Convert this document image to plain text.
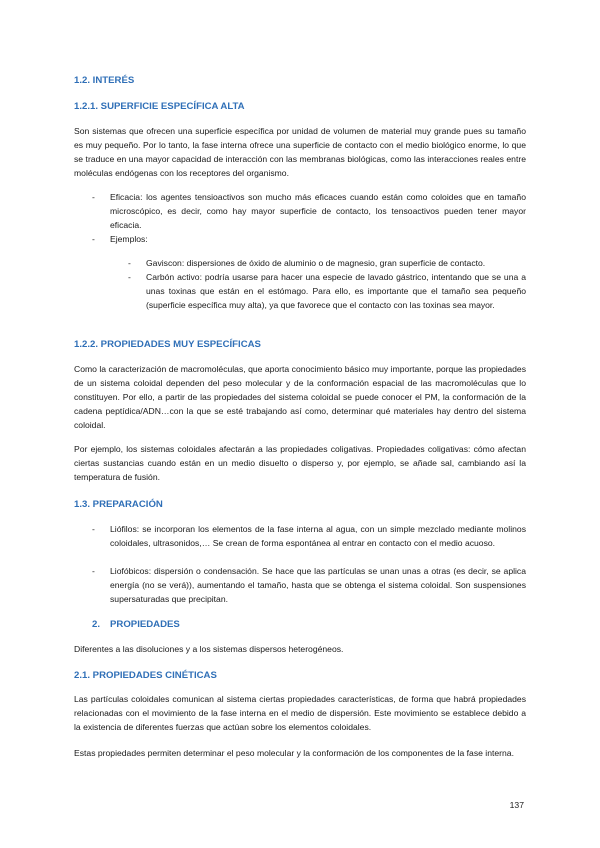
1.2. INTERÉS
1.2.1. SUPERFICIE ESPECÍFICA ALTA
Son sistemas que ofrecen una superficie específica por unidad de volumen de material muy grande pues su tamaño es muy pequeño. Por lo tanto, la fase interna ofrece una superficie de contacto con el medio biológico enorme, lo que se traduce en una mayor capacidad de interacción con las membranas biológicas, como las interacciones reales entre moléculas endógenas con los receptores del organismo.
- Eficacia: los agentes tensioactivos son mucho más eficaces cuando están como coloides que en tamaño microscópico, es decir, como hay mayor superficie de contacto, los tensoactivos pueden tener mayor eficacia.
- Ejemplos:
- Gaviscon: dispersiones de óxido de aluminio o de magnesio, gran superficie de contacto.
- Carbón activo: podría usarse para hacer una especie de lavado gástrico, intentando que se una a unas toxinas que están en el estómago. Para ello, es importante que el tamaño sea pequeño (superficie específica muy alta), ya que favorece que el contacto con las toxinas sea mayor.
1.2.2. PROPIEDADES MUY ESPECÍFICAS
Como la caracterización de macromoléculas, que aporta conocimiento básico muy importante, porque las propiedades de un sistema coloidal dependen del peso molecular y de la conformación espacial de las macromoléculas que lo constituyen. Por ello, a partir de las propiedades del sistema coloidal se puede conocer el PM, la conformación de la cadena peptídica/ADN…con la que se esté trabajando así como, determinar qué materiales hay dentro del sistema coloidal.
Por ejemplo, los sistemas coloidales afectarán a las propiedades coligativas. Propiedades coligativas: cómo afectan ciertas sustancias cuando están en un medio disuelto o disperso y, por ejemplo, se añade sal, cambiando así la temperatura de fusión.
1.3. PREPARACIÓN
- Liófilos: se incorporan los elementos de la fase interna al agua, con un simple mezclado mediante molinos coloidales, ultrasonidos,… Se crean de forma espontánea al entrar en contacto con el medio acuoso.
- Liofóbicos: dispersión o condensación. Se hace que las partículas se unan unas a otras (es decir, se aplica energía (no se verá)), aumentando el tamaño, hasta que se obtenga el sistema coloidal. Son suspensiones supersaturadas que precipitan.
2. PROPIEDADES
Diferentes a las disoluciones y a los sistemas dispersos heterogéneos.
2.1. PROPIEDADES CINÉTICAS
Las partículas coloidales comunican al sistema ciertas propiedades características, de forma que habrá propiedades relacionadas con el movimiento de la fase interna en el medio de dispersión. Este movimiento se establece debido a la existencia de diferentes fuerzas que actúan sobre los elementos coloidales.
Estas propiedades permiten determinar el peso molecular y la conformación de los componentes de la fase interna.
137
